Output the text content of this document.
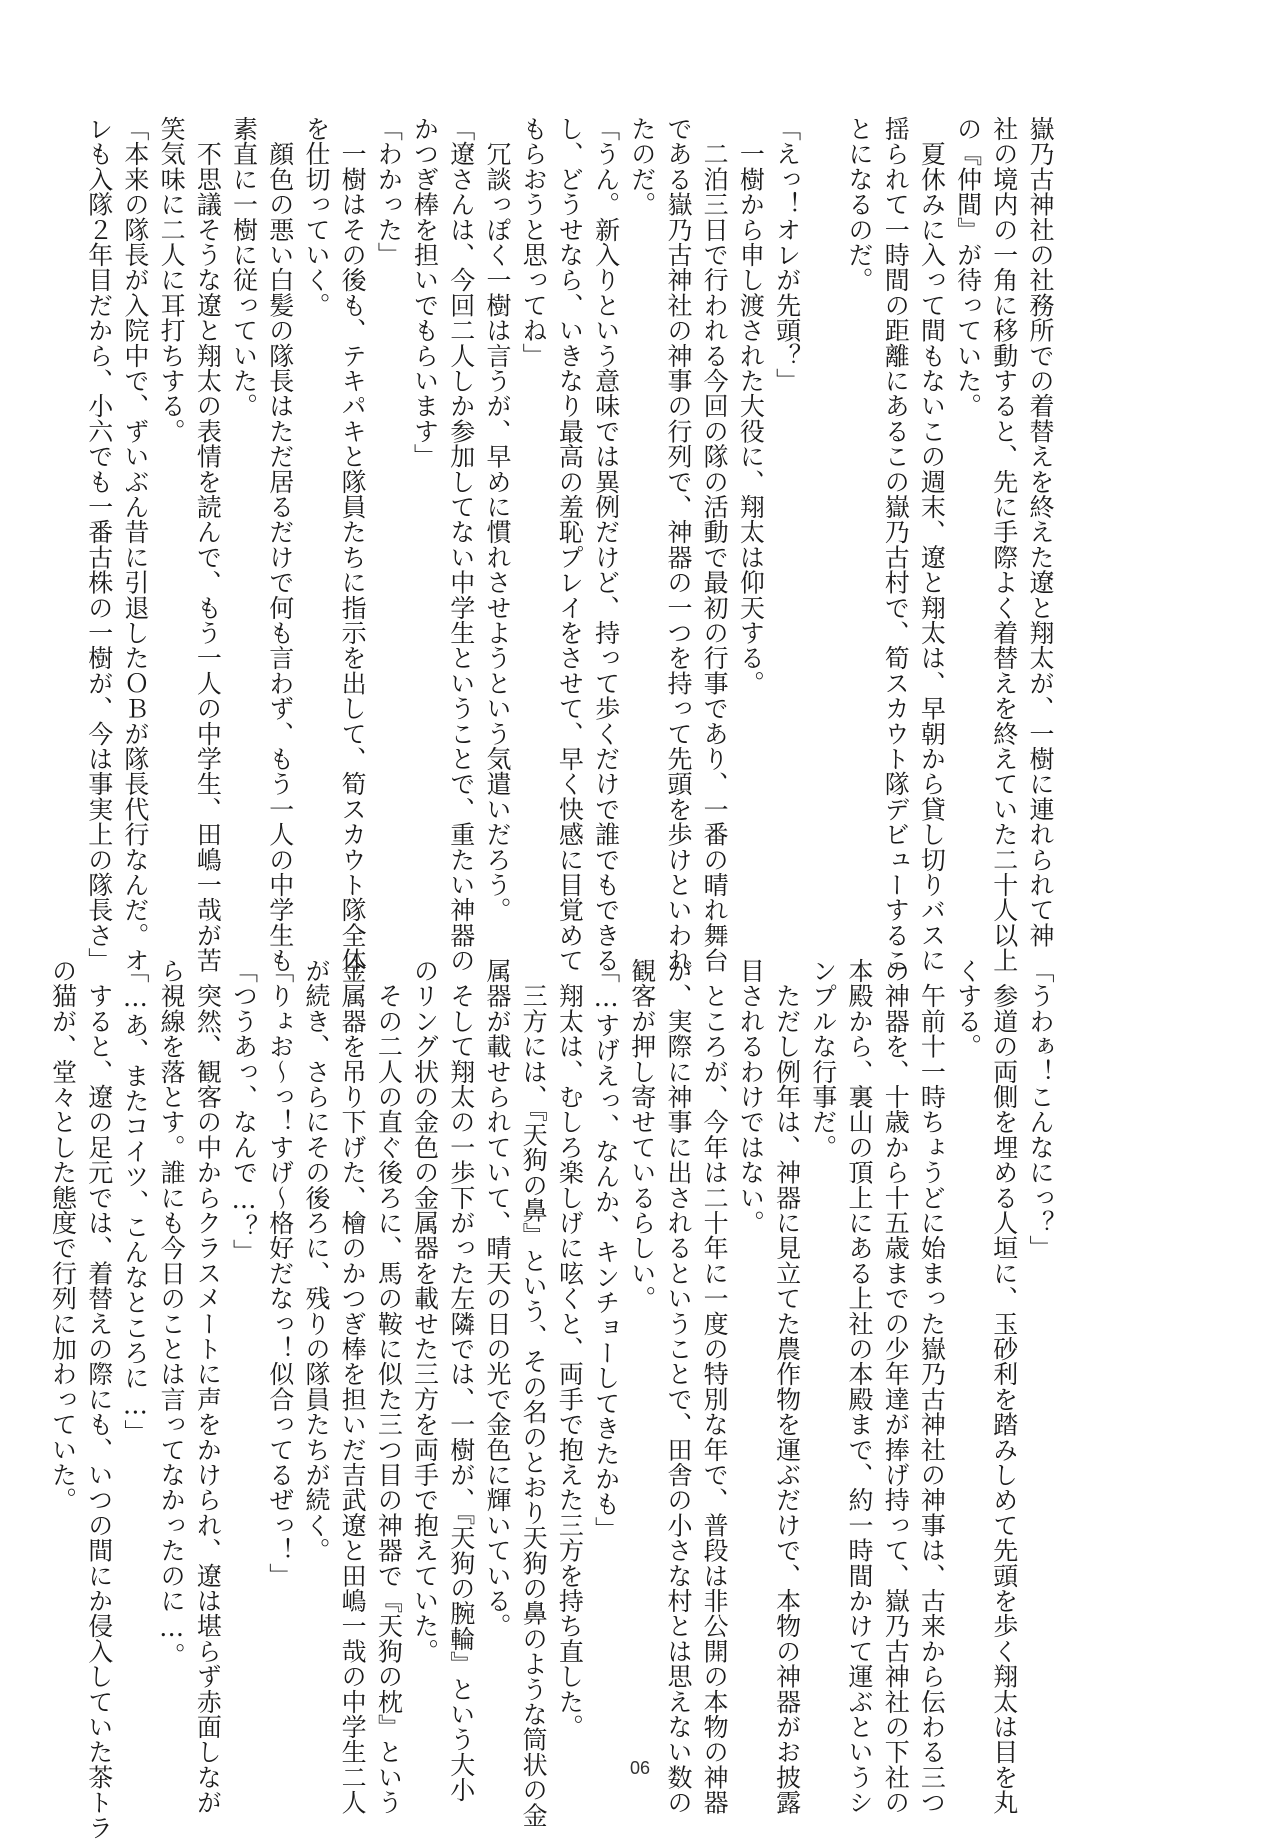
嶽乃古神社の社務所での着替えを終えた遼と翔太が、一樹に連れられて神
社の境内の一角に移動すると、先に手際よく着替えを終えていた二十人以上
の『仲間』が待っていた。
　夏休みに入って間もないこの週末、遼と翔太は、早朝から貸し切りバスに
揺られて一時間の距離にあるこの嶽乃古村で、筍スカウト隊デビューするこ
とになるのだ。

「えっ！オレが先頭？」
　一樹から申し渡された大役に、翔太は仰天する。
　二泊三日で行われる今回の隊の活動で最初の行事であり、一番の晴れ舞台
である嶽乃古神社の神事の行列で、神器の一つを持って先頭を歩けといわれ
たのだ。
「うん。新入りという意味では異例だけど、持って歩くだけで誰でもできる
し、どうせなら、いきなり最高の羞恥プレイをさせて、早く快感に目覚めて
もらおうと思ってね」
　冗談っぽく一樹は言うが、早めに慣れさせようという気遣いだろう。
「遼さんは、今回二人しか参加してない中学生ということで、重たい神器の
かつぎ棒を担いでもらいます」
「わかった」
　一樹はその後も、テキパキと隊員たちに指示を出して、筍スカウト隊全体
を仕切っていく。
　顔色の悪い白髪の隊長はただ居るだけで何も言わず、もう一人の中学生も
素直に一樹に従っていた。
　不思議そうな遼と翔太の表情を読んで、もう一人の中学生、田嶋一哉が苦
笑気味に二人に耳打ちする。
「本来の隊長が入院中で、ずいぶん昔に引退したＯＢが隊長代行なんだ。オ
レも入隊２年目だから、小六でも一番古株の一樹が、今は事実上の隊長さ」
「うわぁ！こんなにっ？」
　参道の両側を埋める人垣に、玉砂利を踏みしめて先頭を歩く翔太は目を丸
くする。
　午前十一時ちょうどに始まった嶽乃古神社の神事は、古来から伝わる三つ
の神器を、十歳から十五歳までの少年達が捧げ持って、嶽乃古神社の下社の
本殿から、裏山の頂上にある上社の本殿まで、約一時間かけて運ぶというシ
ンプルな行事だ。
　ただし例年は、神器に見立てた農作物を運ぶだけで、本物の神器がお披露
目されるわけではない。
　ところが、今年は二十年に一度の特別な年で、普段は非公開の本物の神器
が、実際に神事に出されるということで、田舎の小さな村とは思えない数の
観客が押し寄せているらしい。
「…すげえっ、なんか、キンチョーしてきたかも」
　翔太は、むしろ楽しげに呟くと、両手で抱えた三方を持ち直した。
　三方には、『天狗の鼻』という、その名のとおり天狗の鼻のような筒状の金
属器が載せられていて、晴天の日の光で金色に輝いている。
　そして翔太の一歩下がった左隣では、一樹が、『天狗の腕輪』という大小
のリング状の金色の金属器を載せた三方を両手で抱えていた。
　その二人の直ぐ後ろに、馬の鞍に似た三つ目の神器で『天狗の枕』という
金属器を吊り下げた、檜のかつぎ棒を担いだ吉武遼と田嶋一哉の中学生二人
が続き、さらにその後ろに、残りの隊員たちが続く。
「りょお～っ！すげ～格好だなっ！似合ってるぜっ！」
「つうあっ、なんで…？」
　突然、観客の中からクラスメートに声をかけられ、遼は堪らず赤面しなが
ら視線を落とす。誰にも今日のことは言ってなかったのに…。
「…あ、またコイツ、こんなところに…」
　すると、遼の足元では、着替えの際にも、いつの間にか侵入していた茶トラ
の猫が、堂々とした態度で行列に加わっていた。
06
